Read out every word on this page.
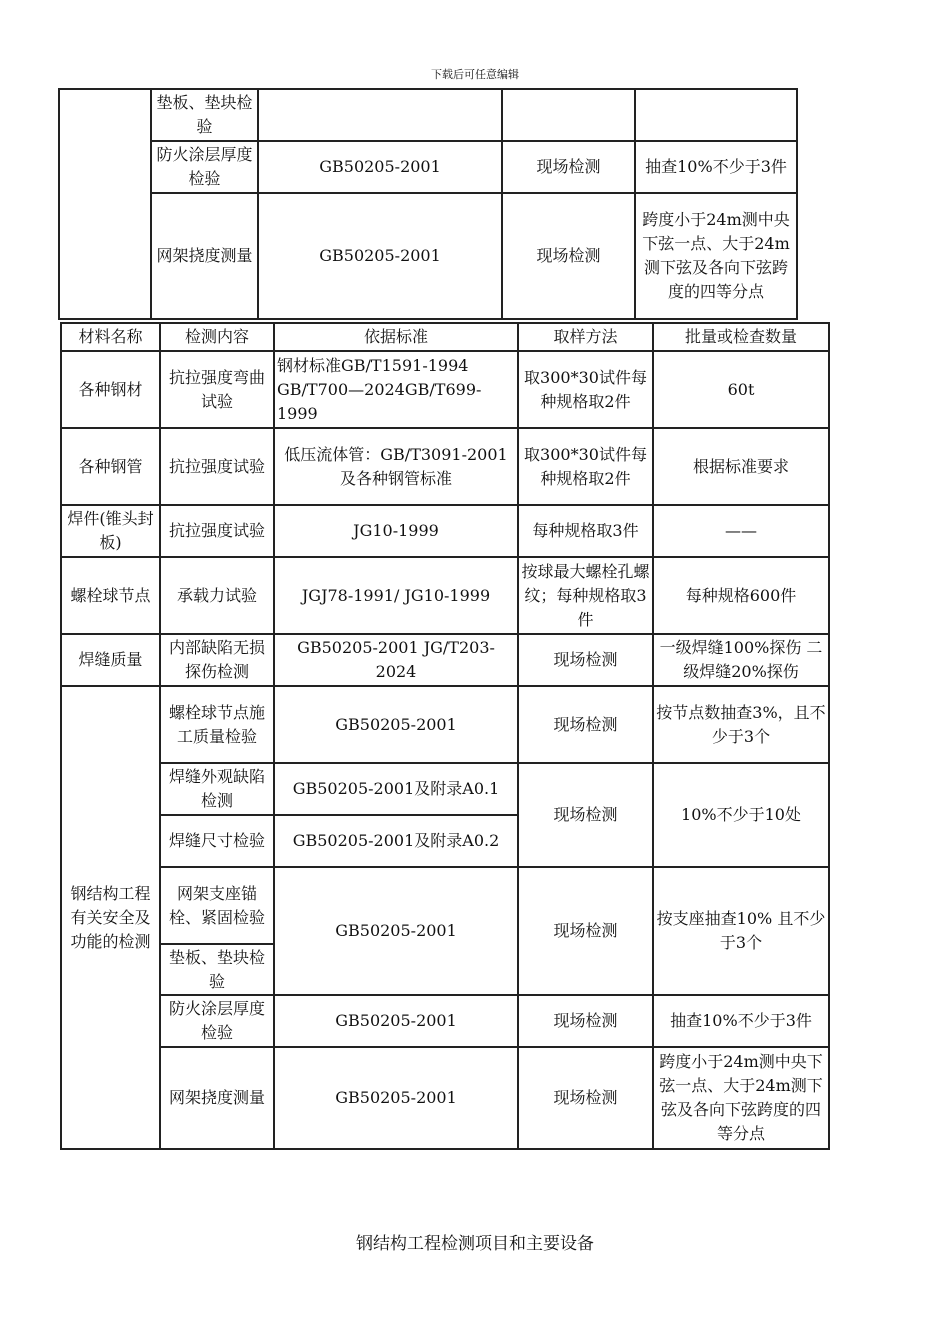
下载后可任意编辑
	垫板、垫块检验			
	防火涂层厚度检验	GB50205-2001	现场检测	抽查10%不少于3件
	网架挠度测量	GB50205-2001	现场检测	跨度小于24m测中央下弦一点、大于24m测下弦及各向下弦跨度的四等分点
材料名称	检测内容	依据标准	取样方法	批量或检查数量
各种钢材	抗拉强度弯曲试验	钢材标准GB/T1591-1994 GB/T700—2024GB/T699-1999	取300*30试件每种规格取2件	60t
各种钢管	抗拉强度试验	低压流体管：GB/T3091-2001及各种钢管标准	取300*30试件每种规格取2件	根据标准要求
焊件(锥头封板)	抗拉强度试验	JG10-1999	每种规格取3件	——
螺栓球节点	承载力试验	JGJ78-1991/ JG10-1999	按球最大螺栓孔螺纹；每种规格取3件	每种规格600件
焊缝质量	内部缺陷无损探伤检测	GB50205-2001 JG/T203-2024	现场检测	一级焊缝100%探伤 二级焊缝20%探伤
钢结构工程有关安全及功能的检测	螺栓球节点施工质量检验	GB50205-2001	现场检测	按节点数抽查3%，且不少于3个
	焊缝外观缺陷检测	GB50205-2001及附录A0.1	现场检测	10%不少于10处
	焊缝尺寸检验	GB50205-2001及附录A0.2		
	网架支座锚栓、紧固检验	GB50205-2001	现场检测	按支座抽查10% 且不少于3个
	垫板、垫块检验			
	防火涂层厚度检验	GB50205-2001	现场检测	抽查10%不少于3件
	网架挠度测量	GB50205-2001	现场检测	跨度小于24m测中央下弦一点、大于24m测下弦及各向下弦跨度的四等分点
钢结构工程检测项目和主要设备
